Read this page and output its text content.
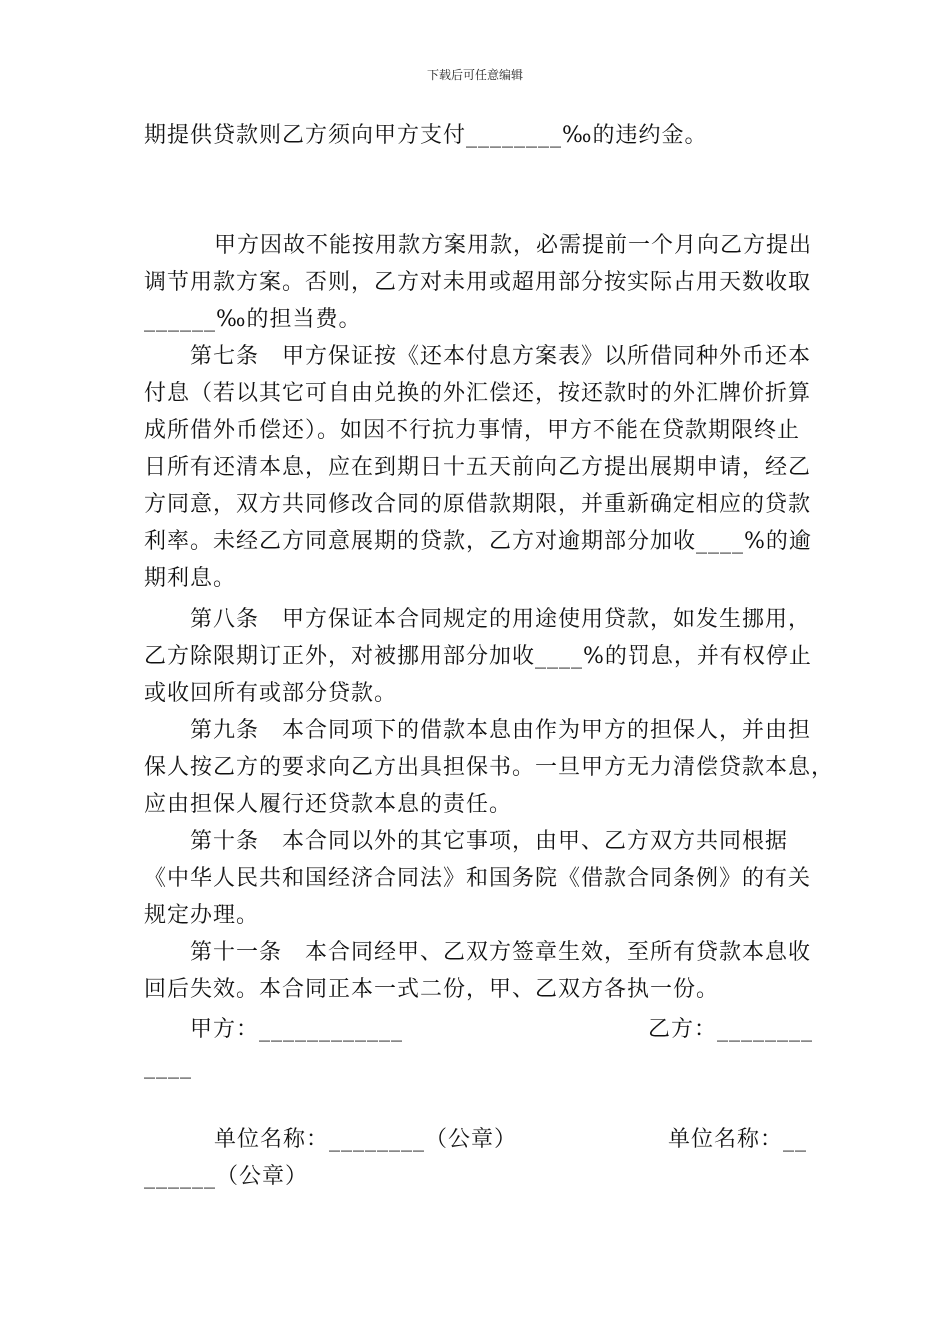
下载后可任意编辑

期提供贷款则乙方须向甲方支付________‰的违约金。

甲方因故不能按用款方案用款，必需提前一个月向乙方提出

调节用款方案。否则，乙方对未用或超用部分按实际占用天数收取

______‰的担当费。

第七条　甲方保证按《还本付息方案表》以所借同种外币还本

付息（若以其它可自由兑换的外汇偿还，按还款时的外汇牌价折算

成所借外币偿还）。如因不行抗力事情，甲方不能在贷款期限终止

日所有还清本息，应在到期日十五天前向乙方提出展期申请，经乙

方同意，双方共同修改合同的原借款期限，并重新确定相应的贷款

利率。未经乙方同意展期的贷款，乙方对逾期部分加收____%的逾

期利息。

第八条　甲方保证本合同规定的用途使用贷款，如发生挪用，

乙方除限期订正外，对被挪用部分加收____%的罚息，并有权停止

或收回所有或部分贷款。

第九条　本合同项下的借款本息由作为甲方的担保人，并由担

保人按乙方的要求向乙方出具担保书。一旦甲方无力清偿贷款本息，

应由担保人履行还贷款本息的责任。

第十条　本合同以外的其它事项，由甲、乙方双方共同根据

《中华人民共和国经济合同法》和国务院《借款合同条例》的有关

规定办理。

第十一条　本合同经甲、乙双方签章生效，至所有贷款本息收

回后失效。本合同正本一式二份，甲、乙双方各执一份。

甲方：____________	乙方：________

____

单位名称：________（公章）	单位名称：__

______（公章）
